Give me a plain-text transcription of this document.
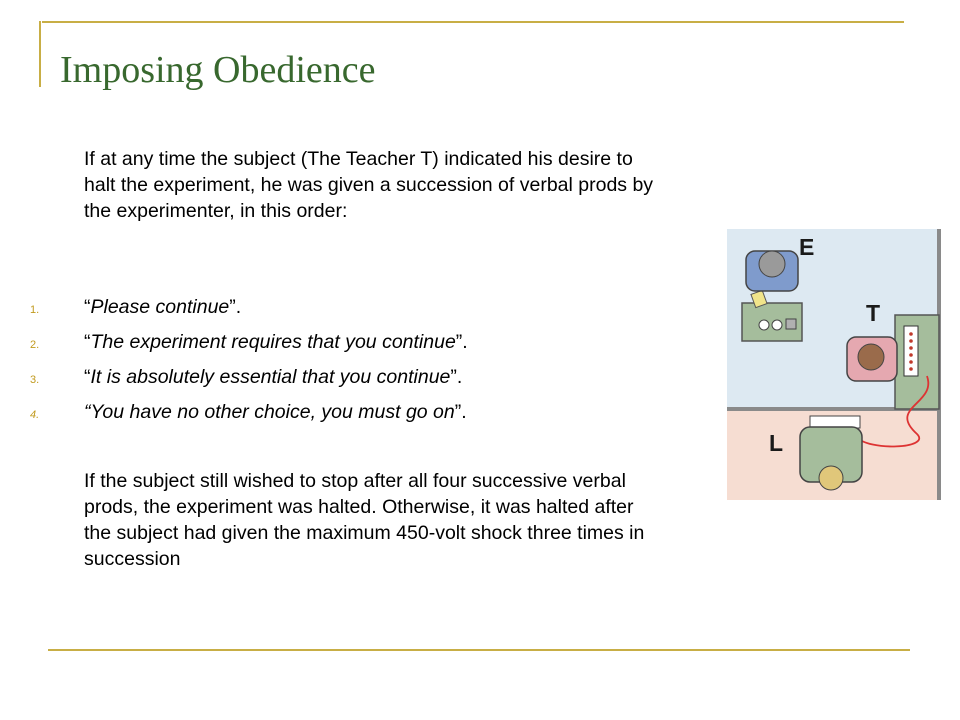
Imposing Obedience

If at any time the subject (The Teacher T) indicated his desire to halt the experiment, he was given a succession of verbal prods by the experimenter, in this order:

1. “Please continue”.
2. “The experiment requires that you continue”.
3. “It is absolutely essential that you continue”.
4. “You have no other choice, you must go on”.

If the subject still wished to stop after all four successive verbal prods, the experiment was halted. Otherwise, it was halted after the subject had given the maximum 450-volt shock three times in succession

E
T
L
